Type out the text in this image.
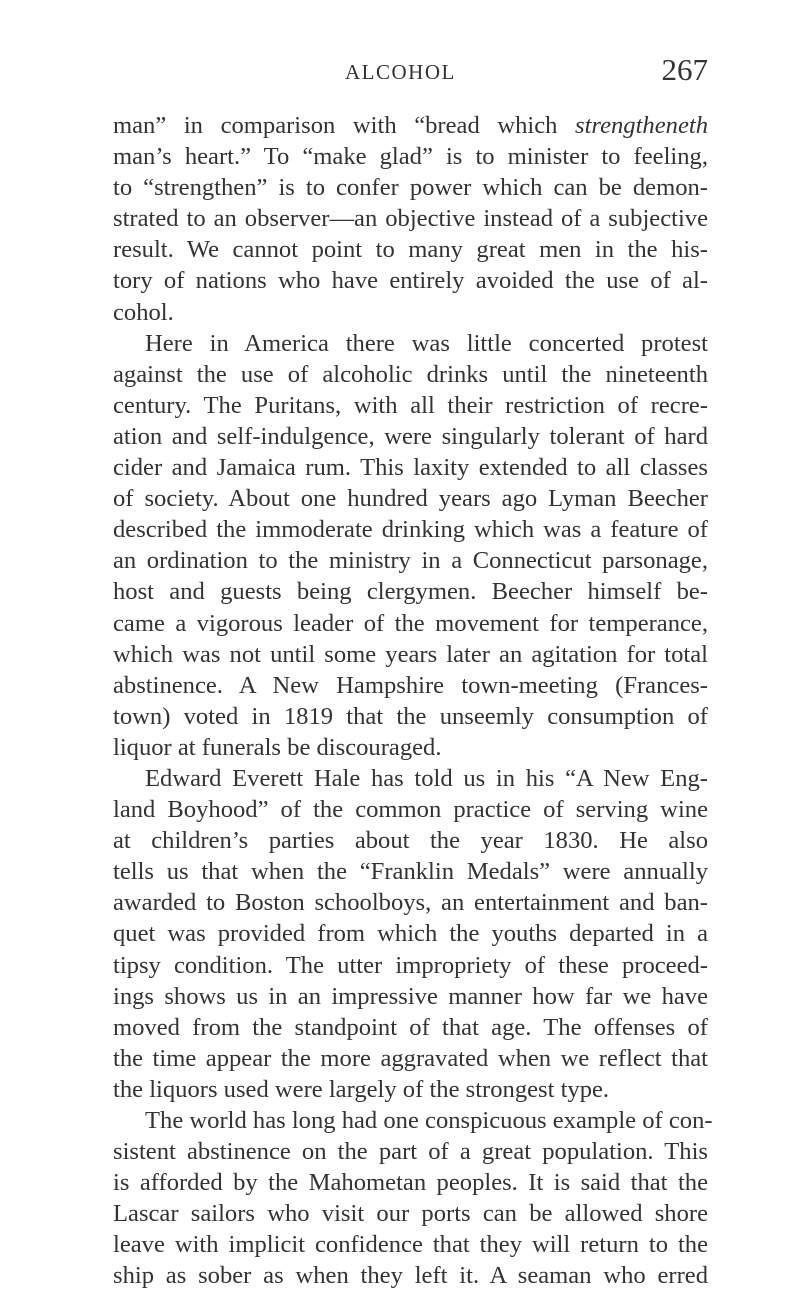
ALCOHOL	267
man” in comparison with “bread which strengtheneth
man’s heart.” To “make glad” is to minister to feeling,
to “strengthen” is to confer power which can be demon-
strated to an observer—an objective instead of a subjective
result. We cannot point to many great men in the his-
tory of nations who have entirely avoided the use of al-
cohol.
Here in America there was little concerted protest
against the use of alcoholic drinks until the nineteenth
century. The Puritans, with all their restriction of recre-
ation and self-indulgence, were singularly tolerant of hard
cider and Jamaica rum. This laxity extended to all classes
of society. About one hundred years ago Lyman Beecher
described the immoderate drinking which was a feature of
an ordination to the ministry in a Connecticut parsonage,
host and guests being clergymen. Beecher himself be-
came a vigorous leader of the movement for temperance,
which was not until some years later an agitation for total
abstinence. A New Hampshire town-meeting (Frances-
town) voted in 1819 that the unseemly consumption of
liquor at funerals be discouraged.
Edward Everett Hale has told us in his “A New Eng-
land Boyhood” of the common practice of serving wine
at children’s parties about the year 1830. He also
tells us that when the “Franklin Medals” were annually
awarded to Boston schoolboys, an entertainment and ban-
quet was provided from which the youths departed in a
tipsy condition. The utter impropriety of these proceed-
ings shows us in an impressive manner how far we have
moved from the standpoint of that age. The offenses of
the time appear the more aggravated when we reflect that
the liquors used were largely of the strongest type.
The world has long had one conspicuous example of con-
sistent abstinence on the part of a great population. This
is afforded by the Mahometan peoples. It is said that the
Lascar sailors who visit our ports can be allowed shore
leave with implicit confidence that they will return to the
ship as sober as when they left it. A seaman who erred
